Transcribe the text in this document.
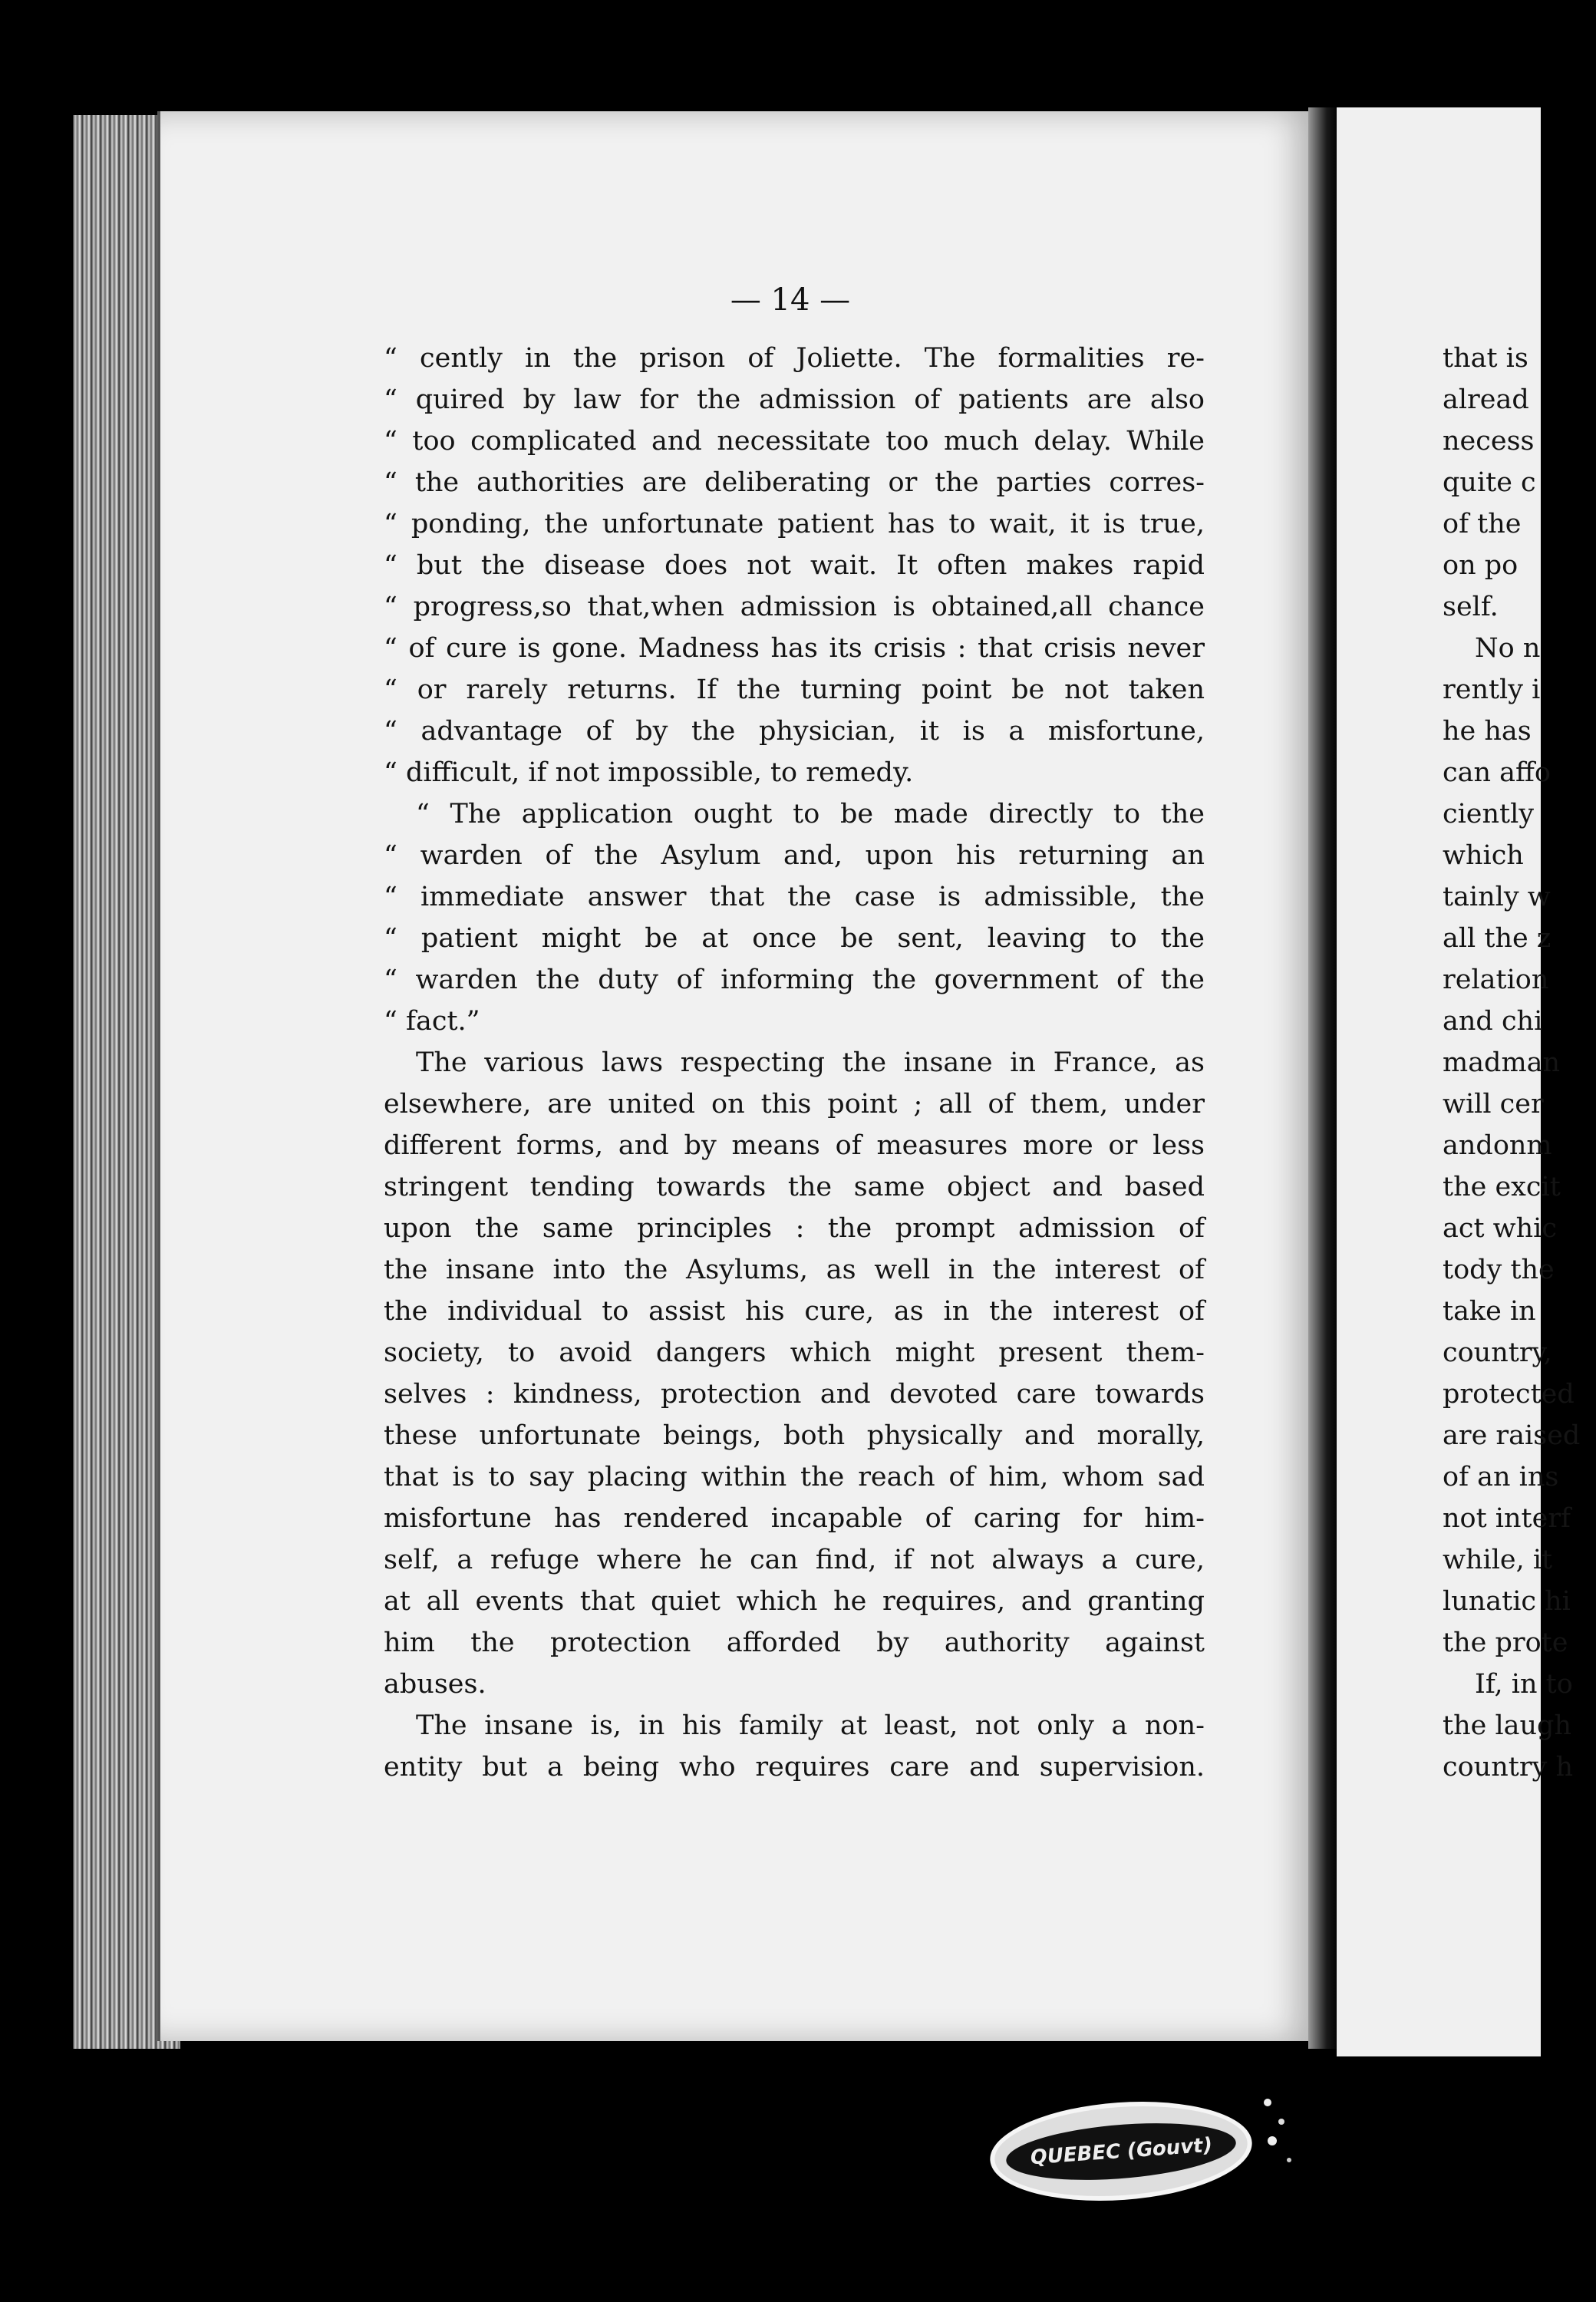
— 14 —
“ cently in the prison of Joliette. The formalities re-
“ quired by law for the admission of patients are also
“ too complicated and necessitate too much delay. While
“ the authorities are deliberating or the parties corres-
“ ponding, the unfortunate patient has to wait, it is true,
“ but the disease does not wait. It often makes rapid
“ progress,so that,when admission is obtained,all chance
“ of cure is gone. Madness has its crisis : that crisis never
“ or rarely returns. If the turning point be not taken
“ advantage of by the physician, it is a misfortune,
“ difficult, if not impossible, to remedy.
“ The application ought to be made directly to the
“ warden of the Asylum and, upon his returning an
“ immediate answer that the case is admissible, the
“ patient might be at once be sent, leaving to the
“ warden the duty of informing the government of the
“ fact.”
The various laws respecting the insane in France, as
elsewhere, are united on this point ; all of them, under
different forms, and by means of measures more or less
stringent tending towards the same object and based
upon the same principles : the prompt admission of
the insane into the Asylums, as well in the interest of
the individual to assist his cure, as in the interest of
society, to avoid dangers which might present them-
selves : kindness, protection and devoted care towards
these unfortunate beings, both physically and morally,
that is to say placing within the reach of him, whom sad
misfortune has rendered incapable of caring for him-
self, a refuge where he can find, if not always a cure,
at all events that quiet which he requires, and granting
him the protection afforded by authority against
abuses.
The insane is, in his family at least, not only a non-
entity but a being who requires care and supervision.
that is
alread
necess
quite c
of the
on po
self.
No n
rently i
he has
can affo
ciently
which
tainly w
all the z
relation
and chi
madman
will cer
andonm
the excit
act whic
tody the
take in
country,
protected
are raised
of an ins
not interf
while, it
lunatic hi
the prote
If, in to
the laugh
country h
QUEBEC (Gouvt)
